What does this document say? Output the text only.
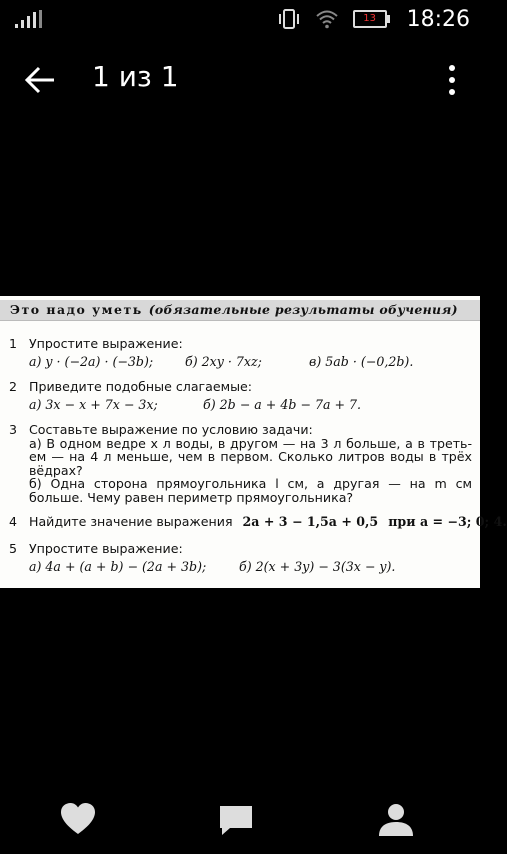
13	18:26
1 из 1
Это надо уметь (обязательные результаты обучения)
1 Упростите выражение:
а) y · (−2a) · (−3b);	б) 2xy · 7xz;	в) 5ab · (−0,2b).
2 Приведите подобные слагаемые:
а) 3x − x + 7x − 3x;	б) 2b − a + 4b − 7a + 7.
3 Составьте выражение по условию задачи:
а) В одном ведре x л воды, в другом — на 3 л больше, а в треть-ем — на 4 л меньше, чем в первом. Сколько литров воды в трёх вёдрах?
б) Одна сторона прямоугольника l см, а другая — на m см больше. Чему равен периметр прямоугольника?
4 Найдите значение выражения 2a + 3 − 1,5a + 0,5 при a = −3; 0; 4.
5 Упростите выражение:
а) 4a + (a + b) − (2a + 3b);	б) 2(x + 3y) − 3(3x − y).
